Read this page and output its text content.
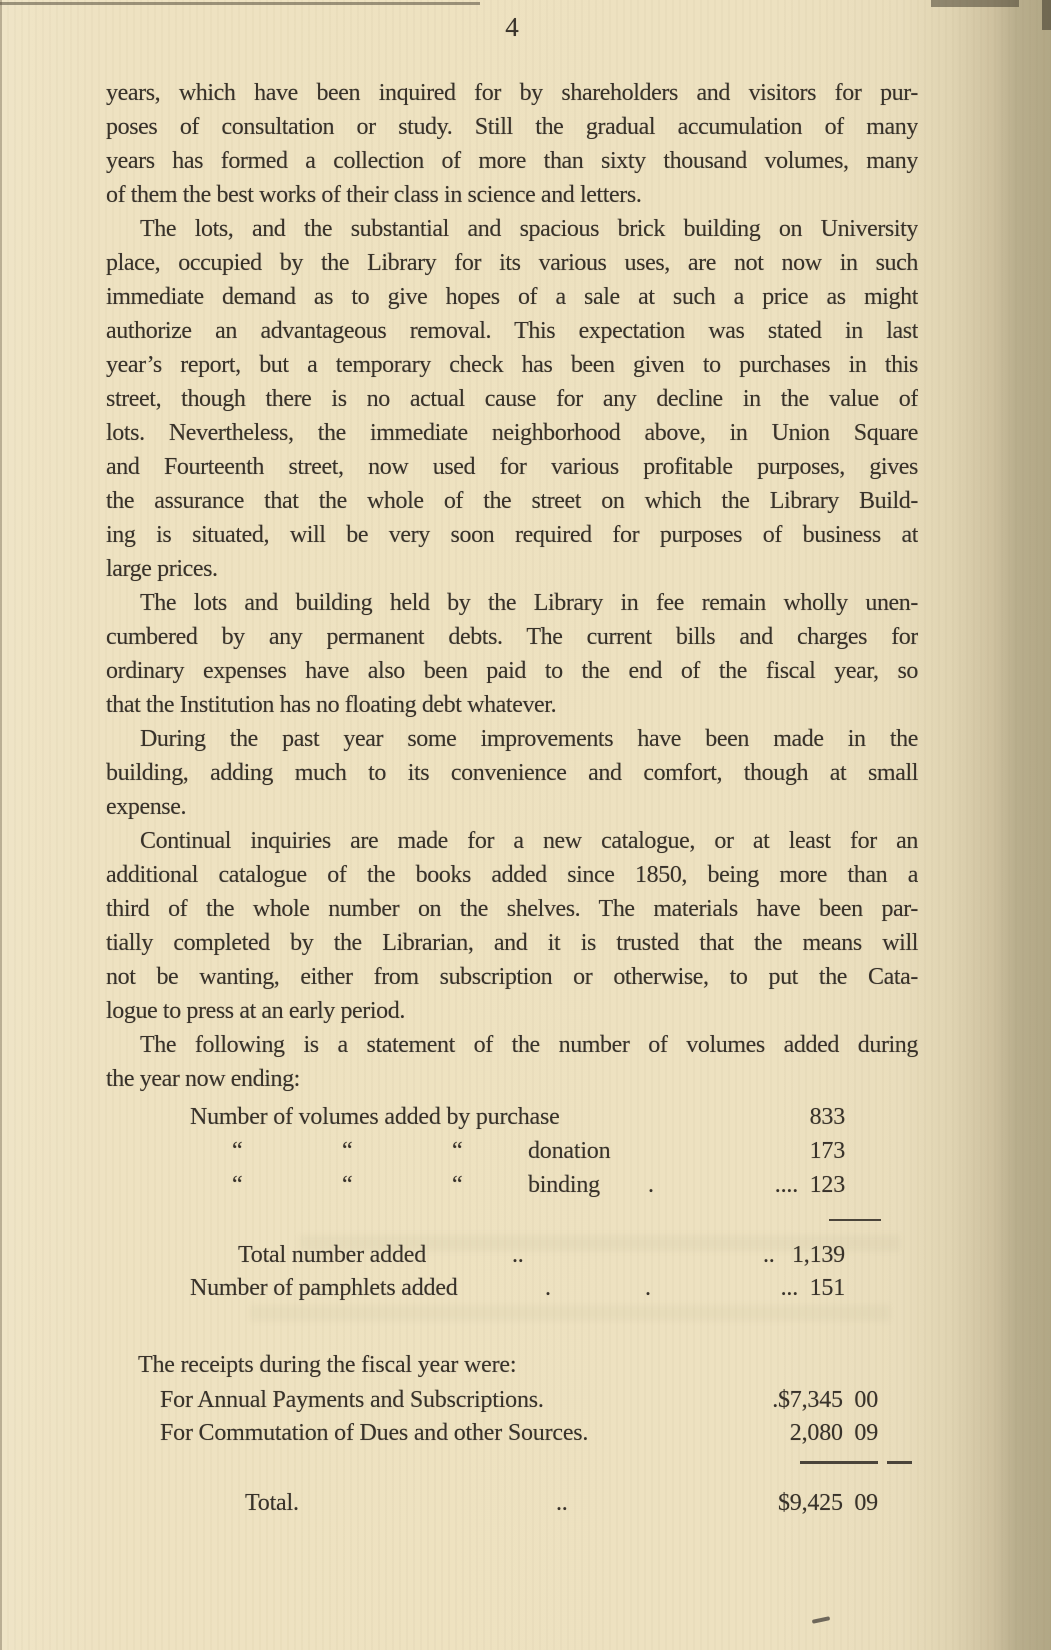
4
years, which have been inquired for by shareholders and visitors for pur-
poses of consultation or study. Still the gradual accumulation of many
years has formed a collection of more than sixty thousand volumes, many
of them the best works of their class in science and letters.
The lots, and the substantial and spacious brick building on University
place, occupied by the Library for its various uses, are not now in such
immediate demand as to give hopes of a sale at such a price as might
authorize an advantageous removal. This expectation was stated in last
year’s report, but a temporary check has been given to purchases in this
street, though there is no actual cause for any decline in the value of
lots. Nevertheless, the immediate neighborhood above, in Union Square
and Fourteenth street, now used for various profitable purposes, gives
the assurance that the whole of the street on which the Library Build-
ing is situated, will be very soon required for purposes of business at
large prices.
The lots and building held by the Library in fee remain wholly unen-
cumbered by any permanent debts. The current bills and charges for
ordinary expenses have also been paid to the end of the fiscal year, so
that the Institution has no floating debt whatever.
During the past year some improvements have been made in the
building, adding much to its convenience and comfort, though at small
expense.
Continual inquiries are made for a new catalogue, or at least for an
additional catalogue of the books added since 1850, being more than a
third of the whole number on the shelves. The materials have been par-
tially completed by the Librarian, and it is trusted that the means will
not be wanting, either from subscription or otherwise, to put the Cata-
logue to press at an early period.
The following is a statement of the number of volumes added during
the year now ending:
Number of volumes added by purchase	833
“	“	“	donation	173
“	“	“	binding .	....  123
Total number added	..	..   1,139
Number of pamphlets added	.	.	...  151
The receipts during the fiscal year were:
For Annual Payments and Subscriptions.	.$7,345  00
For Commutation of Dues and other Sources.	2,080  09
Total.	..	$9,425  09
